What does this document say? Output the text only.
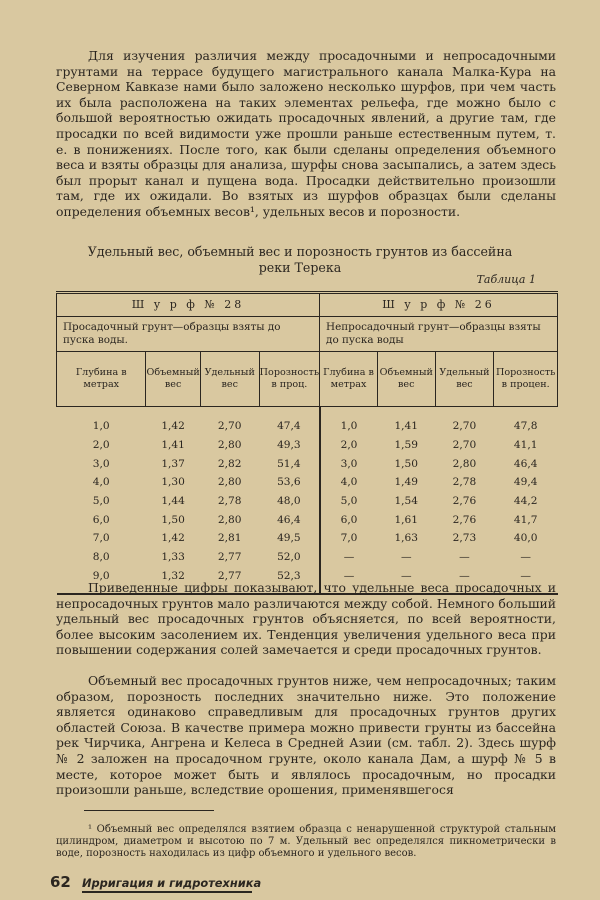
Для изучения различия между просадочными и непросадочными грунтами на террасе будущего магистрального канала Малка-Кура на Северном Кавказе нами было заложено несколько шурфов, при чем часть их была расположена на таких элементах рельефа, где можно было с большой вероятностью ожидать просадочных явлений, а другие там, где просадки по всей видимости уже прошли раньше естественным путем, т. е. в понижениях. После того, как были сделаны определения объемного веса и взяты образцы для анализа, шурфы снова засыпались, а затем здесь был прорыт канал и пущена вода. Просадки действительно произошли там, где их ожидали. Во взятых из шурфов образцах были сделаны определения объемных весов¹, удельных весов и порозности.

Удельный вес, объемный вес и порозность грунтов из бассейна
реки Терека
Таблица 1
Ш у р ф № 28				Ш у р ф № 26			
Просадочный грунт—образцы взяты до пуска воды.				Непросадочный грунт—образцы взяты до пуска воды			
Глубина в метрах	Объемный вес	Удельный вес	Порозность в проц.	Глубина в метрах	Объемный вес	Удельный вес	Порозность в процен.
1,0	1,42	2,70	47,4	1,0	1,41	2,70	47,8
2,0	1,41	2,80	49,3	2,0	1,59	2,70	41,1
3,0	1,37	2,82	51,4	3,0	1,50	2,80	46,4
4,0	1,30	2,80	53,6	4,0	1,49	2,78	49,4
5,0	1,44	2,78	48,0	5,0	1,54	2,76	44,2
6,0	1,50	2,80	46,4	6,0	1,61	2,76	41,7
7,0	1,42	2,81	49,5	7,0	1,63	2,73	40,0
8,0	1,33	2,77	52,0	—	—	—	—
9,0	1,32	2,77	52,3	—	—	—	—

Приведенные цифры показывают, что удельные веса просадочных и непросадочных грунтов мало различаются между собой. Немного больший удельный вес просадочных грунтов объясняется, по всей вероятности, более высоким засолением их. Тенденция увеличения удельного веса при повышении содержания солей замечается и среди просадочных грунтов.

Объемный вес просадочных грунтов ниже, чем непросадочных; таким образом, порозность последних значительно ниже. Это положение является одинаково справедливым для просадочных грунтов других областей Союза. В качестве примера можно привести грунты из бассейна рек Чирчика, Ангрена и Келеса в Средней Азии (см. табл. 2). Здесь шурф № 2 заложен на просадочном грунте, около канала Дам, а шурф № 5 в месте, которое может быть и являлось просадочным, но просадки произошли раньше, вследствие орошения, применявшегося

¹ Объемный вес определялся взятием образца с ненарушенной структурой стальным цилиндром, диаметром и высотою по 7 м. Удельный вес определялся пикнометрически в воде, порозность находилась из цифр объемного и удельного весов.

62 Ирригация и гидротехника
